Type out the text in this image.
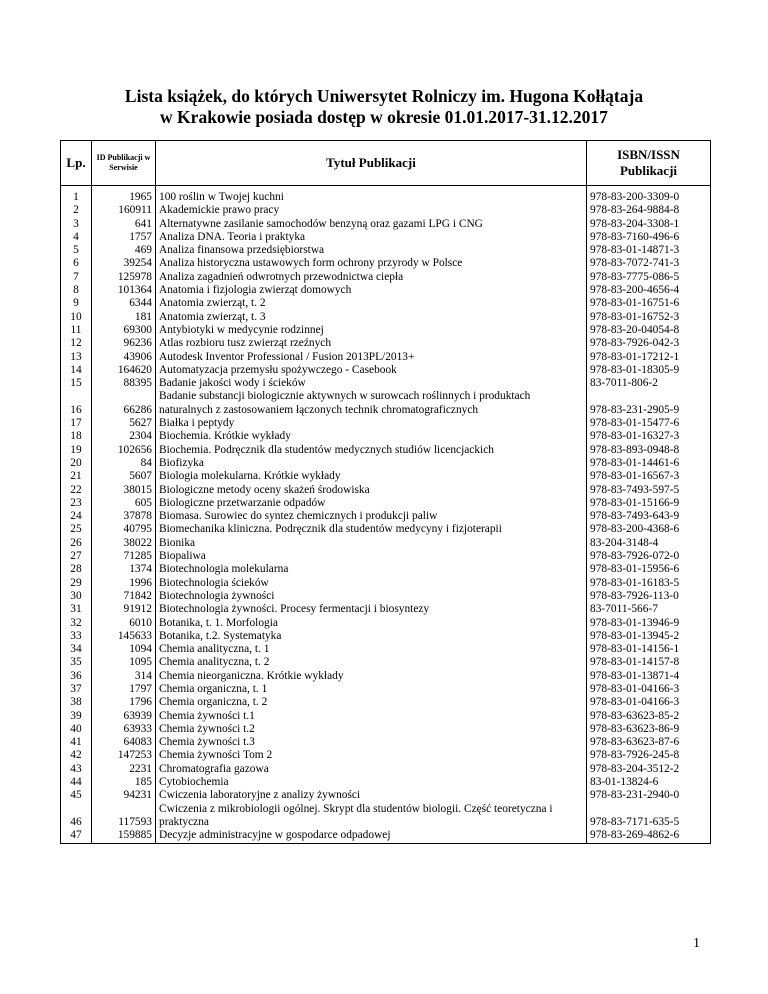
Lista książek, do których Uniwersytet Rolniczy im. Hugona Kołłątaja
w Krakowie posiada dostęp w okresie 01.01.2017-31.12.2017
Lp.	ID Publikacji w Serwisie	Tytuł Publikacji	ISBN/ISSN Publikacji
1	1965	100 roślin w Twojej kuchni	978-83-200-3309-0
2	160911	Akademickie prawo pracy	978-83-264-9884-8
3	641	Alternatywne zasilanie samochodów benzyną oraz gazami LPG i CNG	978-83-204-3308-1
4	1757	Analiza DNA. Teoria i praktyka	978-83-7160-496-6
5	469	Analiza finansowa przedsiębiorstwa	978-83-01-14871-3
6	39254	Analiza historyczna ustawowych form ochrony przyrody w Polsce	978-83-7072-741-3
7	125978	Analiza zagadnień odwrotnych przewodnictwa ciepła	978-83-7775-086-5
8	101364	Anatomia i fizjologia zwierząt domowych	978-83-200-4656-4
9	6344	Anatomia zwierząt, t. 2	978-83-01-16751-6
10	181	Anatomia zwierząt, t. 3	978-83-01-16752-3
11	69300	Antybiotyki w medycynie rodzinnej	978-83-20-04054-8
12	96236	Atlas rozbioru tusz zwierząt rzeźnych	978-83-7926-042-3
13	43906	Autodesk Inventor Professional / Fusion 2013PL/2013+	978-83-01-17212-1
14	164620	Automatyzacja przemysłu spożywczego - Casebook	978-83-01-18305-9
15	88395	Badanie jakości wody i ścieków	83-7011-806-2
16	66286	Badanie substancji biologicznie aktywnych w surowcach roślinnych i produktach naturalnych z zastosowaniem łączonych technik chromatograficznych	978-83-231-2905-9
17	5627	Białka i peptydy	978-83-01-15477-6
18	2304	Biochemia. Krótkie wykłady	978-83-01-16327-3
19	102656	Biochemia. Podręcznik dla studentów medycznych studiów licencjackich	978-83-893-0948-8
20	84	Biofizyka	978-83-01-14461-6
21	5607	Biologia molekularna. Krótkie wykłady	978-83-01-16567-3
22	38015	Biologiczne metody oceny skażeń środowiska	978-83-7493-597-5
23	605	Biologiczne przetwarzanie odpadów	978-83-01-15166-9
24	37878	Biomasa. Surowiec do syntez chemicznych i produkcji paliw	978-83-7493-643-9
25	40795	Biomechanika kliniczna. Podręcznik dla studentów medycyny i fizjoterapii	978-83-200-4368-6
26	38022	Bionika	83-204-3148-4
27	71285	Biopaliwa	978-83-7926-072-0
28	1374	Biotechnologia molekularna	978-83-01-15956-6
29	1996	Biotechnologia ścieków	978-83-01-16183-5
30	71842	Biotechnologia żywności	978-83-7926-113-0
31	91912	Biotechnologia żywności. Procesy fermentacji i biosyntezy	83-7011-566-7
32	6010	Botanika, t. 1. Morfologia	978-83-01-13946-9
33	145633	Botanika, t.2. Systematyka	978-83-01-13945-2
34	1094	Chemia analityczna, t. 1	978-83-01-14156-1
35	1095	Chemia analityczna, t. 2	978-83-01-14157-8
36	314	Chemia nieorganiczna. Krótkie wykłady	978-83-01-13871-4
37	1797	Chemia organiczna, t. 1	978-83-01-04166-3
38	1796	Chemia organiczna, t. 2	978-83-01-04166-3
39	63939	Chemia żywności t.1	978-83-63623-85-2
40	63933	Chemia żywności t.2	978-83-63623-86-9
41	64083	Chemia żywności t.3	978-83-63623-87-6
42	147253	Chemia żywności Tom 2	978-83-7926-245-8
43	2231	Chromatografia gazowa	978-83-204-3512-2
44	185	Cytobiochemia	83-01-13824-6
45	94231	Ćwiczenia laboratoryjne z analizy żywności	978-83-231-2940-0
46	117593	Ćwiczenia z mikrobiologii ogólnej. Skrypt dla studentów biologii. Część teoretyczna i praktyczna	978-83-7171-635-5
47	159885	Decyzje administracyjne w gospodarce odpadowej	978-83-269-4862-6
1
